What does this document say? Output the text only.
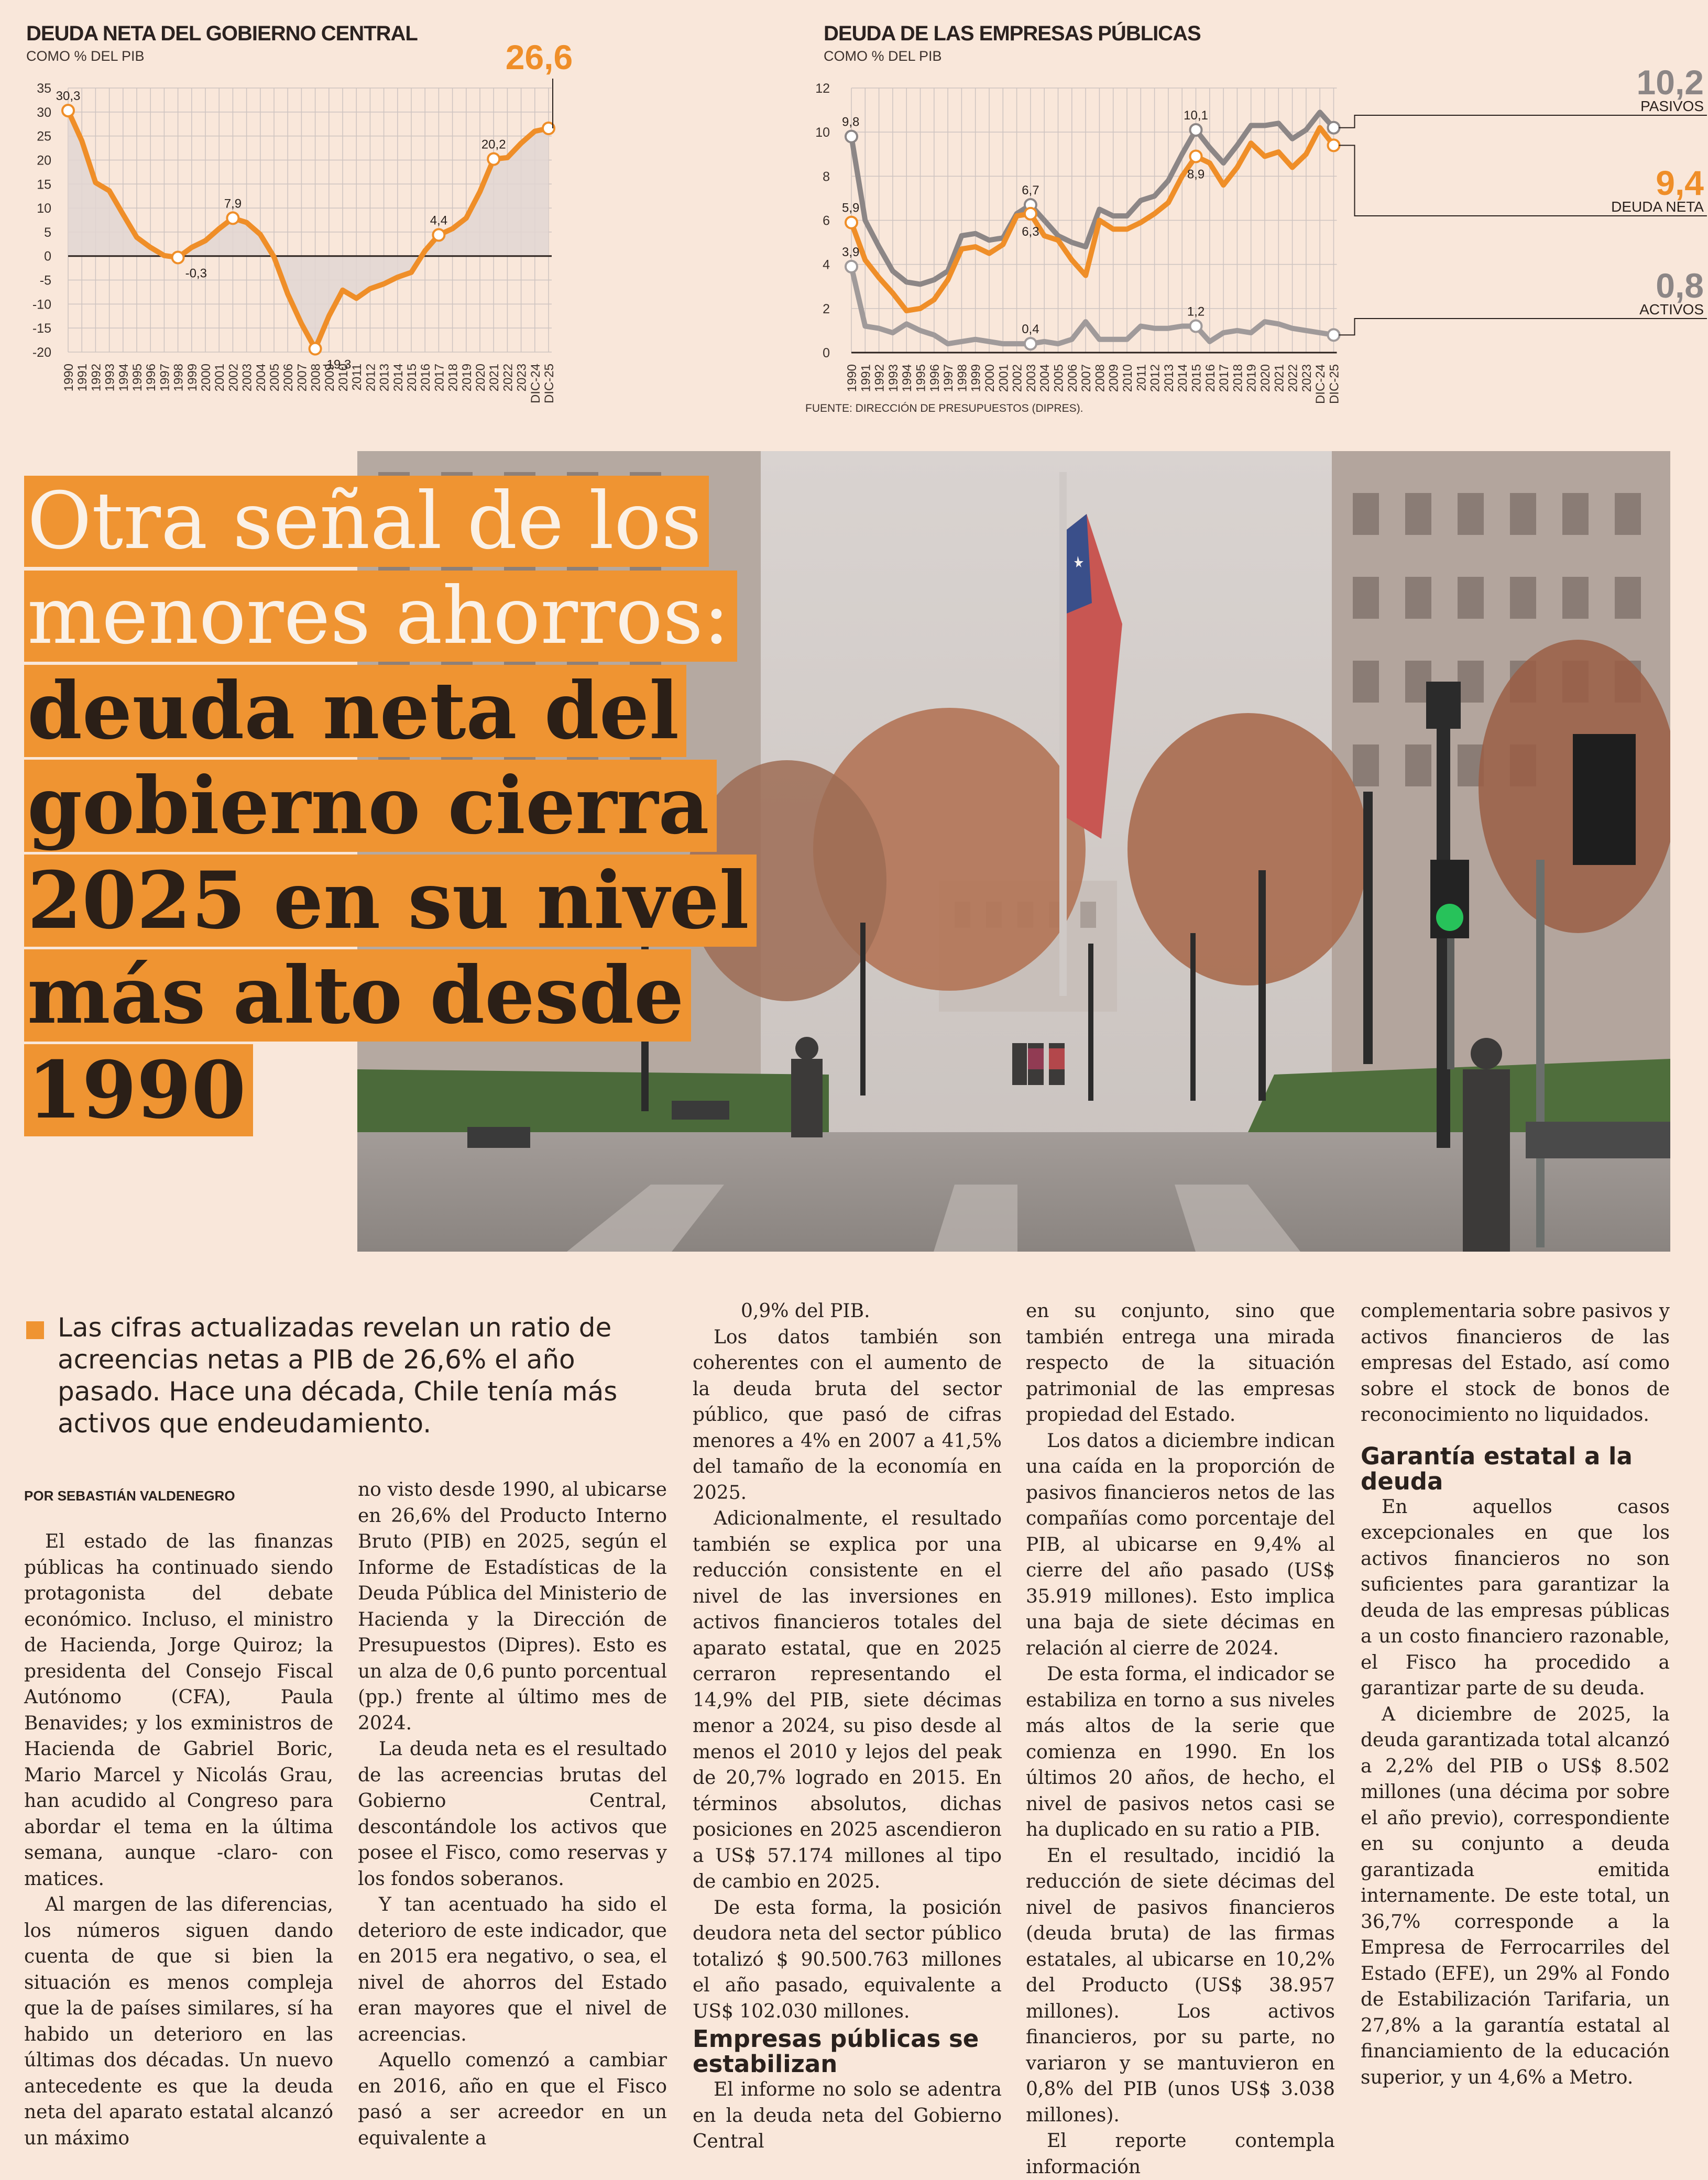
DEUDA NETA DEL GOBIERNO CENTRAL
COMO % DEL PIB
35
30
25
20
15
10
5
0
-5
-10
-15
-20
1990 1991 1992 1993 1994 1995 1996 1997 1998 1999 2000 2001 2002 2003 2004 2005 2006 2007 2008 2009 2010 2011 2012 2013 2014 2015 2016 2017 2018 2019 2020 2021 2022 2023 DIC-24 DIC-25
30,3
-0,3
7,9
-19,3
4,4
20,2
26,6
DEUDA DE LAS EMPRESAS PÚBLICAS
COMO % DEL PIB
12
10
8
6
4
2
0
1990 1991 1992 1993 1994 1995 1996 1997 1998 1999 2000 2001 2002 2003 2004 2005 2006 2007 2008 2009 2010 2011 2012 2013 2014 2015 2016 2017 2018 2019 2020 2021 2022 2023 DIC-24 DIC-25
9,8
5,9
3,9
6,7
6,3
0,4
10,1
8,9
1,2
10,2
PASIVOS
9,4
DEUDA NETA
0,8
ACTIVOS
FUENTE: DIRECCIÓN DE PRESUPUESTOS (DIPRES).
Otra señal de los
menores ahorros:
deuda neta del
gobierno cierra
2025 en su nivel
más alto desde
1990
Las cifras actualizadas revelan un ratio de acreencias netas a PIB de 26,6% el año pasado. Hace una década, Chile tenía más activos que endeudamiento.
POR SEBASTIÁN VALDENEGRO

El estado de las finanzas públicas ha continuado siendo protagonista del debate económico. Incluso, el ministro de Hacienda, Jorge Quiroz; la presidenta del Consejo Fiscal Autónomo (CFA), Paula Benavides; y los exministros de Hacienda de Gabriel Boric, Mario Marcel y Nicolás Grau, han acudido al Congreso para abordar el tema en la última semana, aunque -claro- con matices.

Al margen de las diferencias, los números siguen dando cuenta de que si bien la situación es menos compleja que la de países similares, sí ha habido un deterioro en las últimas dos décadas. Un nuevo antecedente es que la deuda neta del aparato estatal alcanzó un máximo

no visto desde 1990, al ubicarse en 26,6% del Producto Interno Bruto (PIB) en 2025, según el Informe de Estadísticas de la Deuda Pública del Ministerio de Hacienda y la Dirección de Presupuestos (Dipres). Esto es un alza de 0,6 punto porcentual (pp.) frente al último mes de 2024.

La deuda neta es el resultado de las acreencias brutas del Gobierno Central, descontándole los activos que posee el Fisco, como reservas y los fondos soberanos.

Y tan acentuado ha sido el deterioro de este indicador, que en 2015 era negativo, o sea, el nivel de ahorros del Estado eran mayores que el nivel de acreencias.

Aquello comenzó a cambiar en 2016, año en que el Fisco pasó a ser acreedor en un equivalente a

0,9% del PIB.

Los datos también son coherentes con el aumento de la deuda bruta del sector público, que pasó de cifras menores a 4% en 2007 a 41,5% del tamaño de la economía en 2025.

Adicionalmente, el resultado también se explica por una reducción consistente en el nivel de las inversiones en activos financieros totales del aparato estatal, que en 2025 cerraron representando el 14,9% del PIB, siete décimas menor a 2024, su piso desde al menos el 2010 y lejos del peak de 20,7% logrado en 2015. En términos absolutos, dichas posiciones en 2025 ascendieron a US$ 57.174 millones al tipo de cambio en 2025.

De esta forma, la posición deudora neta del sector público totalizó $ 90.500.763 millones el año pasado, equivalente a US$ 102.030 millones.

Empresas públicas se estabilizan

El informe no solo se adentra en la deuda neta del Gobierno Central

en su conjunto, sino que también entrega una mirada respecto de la situación patrimonial de las empresas propiedad del Estado.

Los datos a diciembre indican una caída en la proporción de pasivos financieros netos de las compañías como porcentaje del PIB, al ubicarse en 9,4% al cierre del año pasado (US$ 35.919 millones). Esto implica una baja de siete décimas en relación al cierre de 2024.

De esta forma, el indicador se estabiliza en torno a sus niveles más altos de la serie que comienza en 1990. En los últimos 20 años, de hecho, el nivel de pasivos netos casi se ha duplicado en su ratio a PIB.

En el resultado, incidió la reducción de siete décimas del nivel de pasivos financieros (deuda bruta) de las firmas estatales, al ubicarse en 10,2% del Producto (US$ 38.957 millones). Los activos financieros, por su parte, no variaron y se mantuvieron en 0,8% del PIB (unos US$ 3.038 millones).

El reporte contempla información

complementaria sobre pasivos y activos financieros de las empresas del Estado, así como sobre el stock de bonos de reconocimiento no liquidados.

Garantía estatal a la deuda

En aquellos casos excepcionales en que los activos financieros no son suficientes para garantizar la deuda de las empresas públicas a un costo financiero razonable, el Fisco ha procedido a garantizar parte de su deuda.

A diciembre de 2025, la deuda garantizada total alcanzó a 2,2% del PIB o US$ 8.502 millones (una décima por sobre el año previo), correspondiente en su conjunto a deuda garantizada emitida internamente. De este total, un 36,7% corresponde a la Empresa de Ferrocarriles del Estado (EFE), un 29% al Fondo de Estabilización Tarifaria, un 27,8% a la garantía estatal al financiamiento de la educación superior, y un 4,6% a Metro.
